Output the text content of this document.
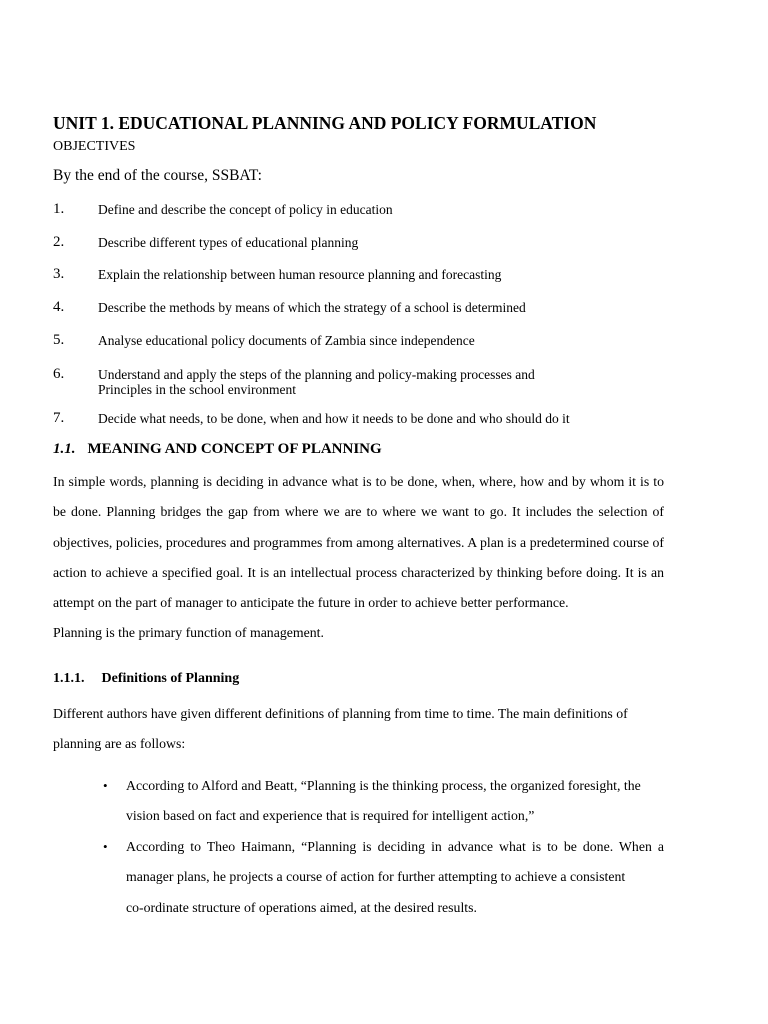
UNIT 1. EDUCATIONAL PLANNING AND POLICY FORMULATION
OBJECTIVES
By the end of the course, SSBAT:
1.	Define and describe the concept of policy in education
2.	Describe different types of educational planning
3.	Explain the relationship between human resource planning and forecasting
4.	Describe the methods by means of which the strategy of a school is determined
5.	Analyse educational policy documents of Zambia since independence
6.	Understand and apply the steps of the planning and policy-making processes and
Principles in the school environment
7.	Decide what needs, to be done, when and how it needs to be done and who should do it
1.1. MEANING AND CONCEPT OF PLANNING
In simple words, planning is deciding in advance what is to be done, when, where, how and by whom it is to be done. Planning bridges the gap from where we are to where we want to go. It includes the selection of objectives, policies, procedures and programmes from among alternatives. A plan is a predetermined course of action to achieve a specified goal. It is an intellectual process characterized by thinking before doing. It is an attempt on the part of manager to anticipate the future in order to achieve better performance.
Planning is the primary function of management.
1.1.1. Definitions of Planning
Different authors have given different definitions of planning from time to time. The main definitions of
planning are as follows:
• According to Alford and Beatt, “Planning is the thinking process, the organized foresight, the
vision based on fact and experience that is required for intelligent action,”
• According to Theo Haimann, “Planning is deciding in advance what is to be done. When a
manager plans, he projects a course of action for further attempting to achieve a consistent
co-ordinate structure of operations aimed, at the desired results.
